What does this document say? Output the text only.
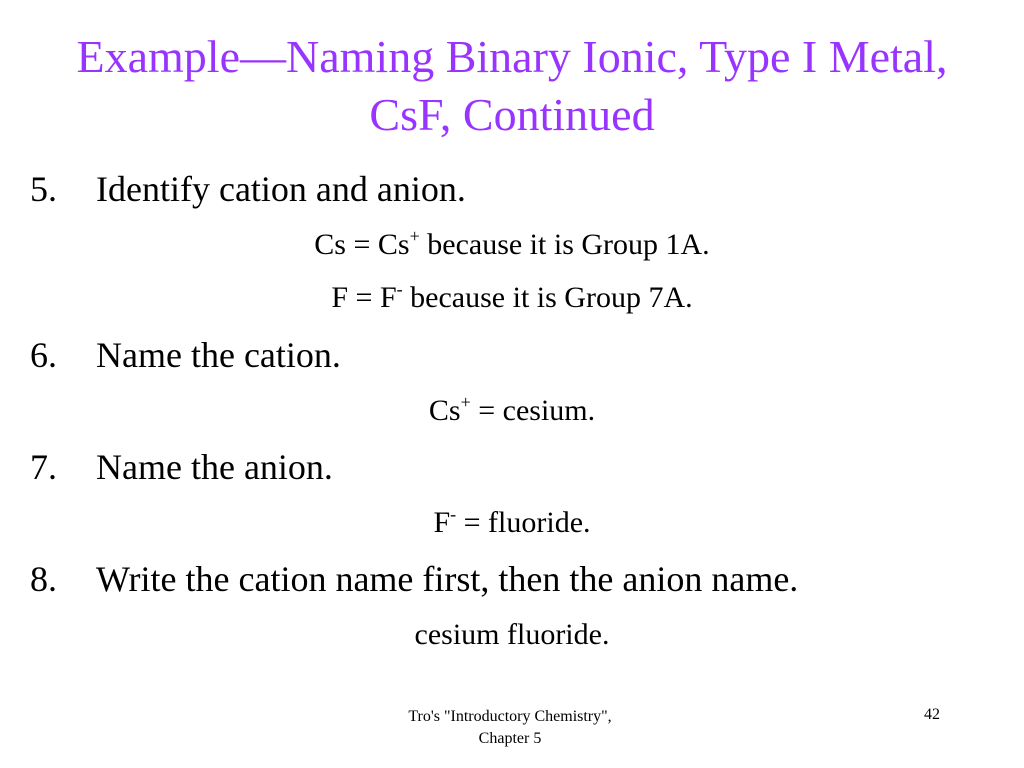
Example—Naming Binary Ionic, Type I Metal,
CsF, Continued
5. Identify cation and anion.
Cs = Cs+ because it is Group 1A.
F = F- because it is Group 7A.
6. Name the cation.
Cs+ = cesium.
7. Name the anion.
F- = fluoride.
8. Write the cation name first, then the anion name.
cesium fluoride.
Tro's "Introductory Chemistry",
Chapter 5
42
